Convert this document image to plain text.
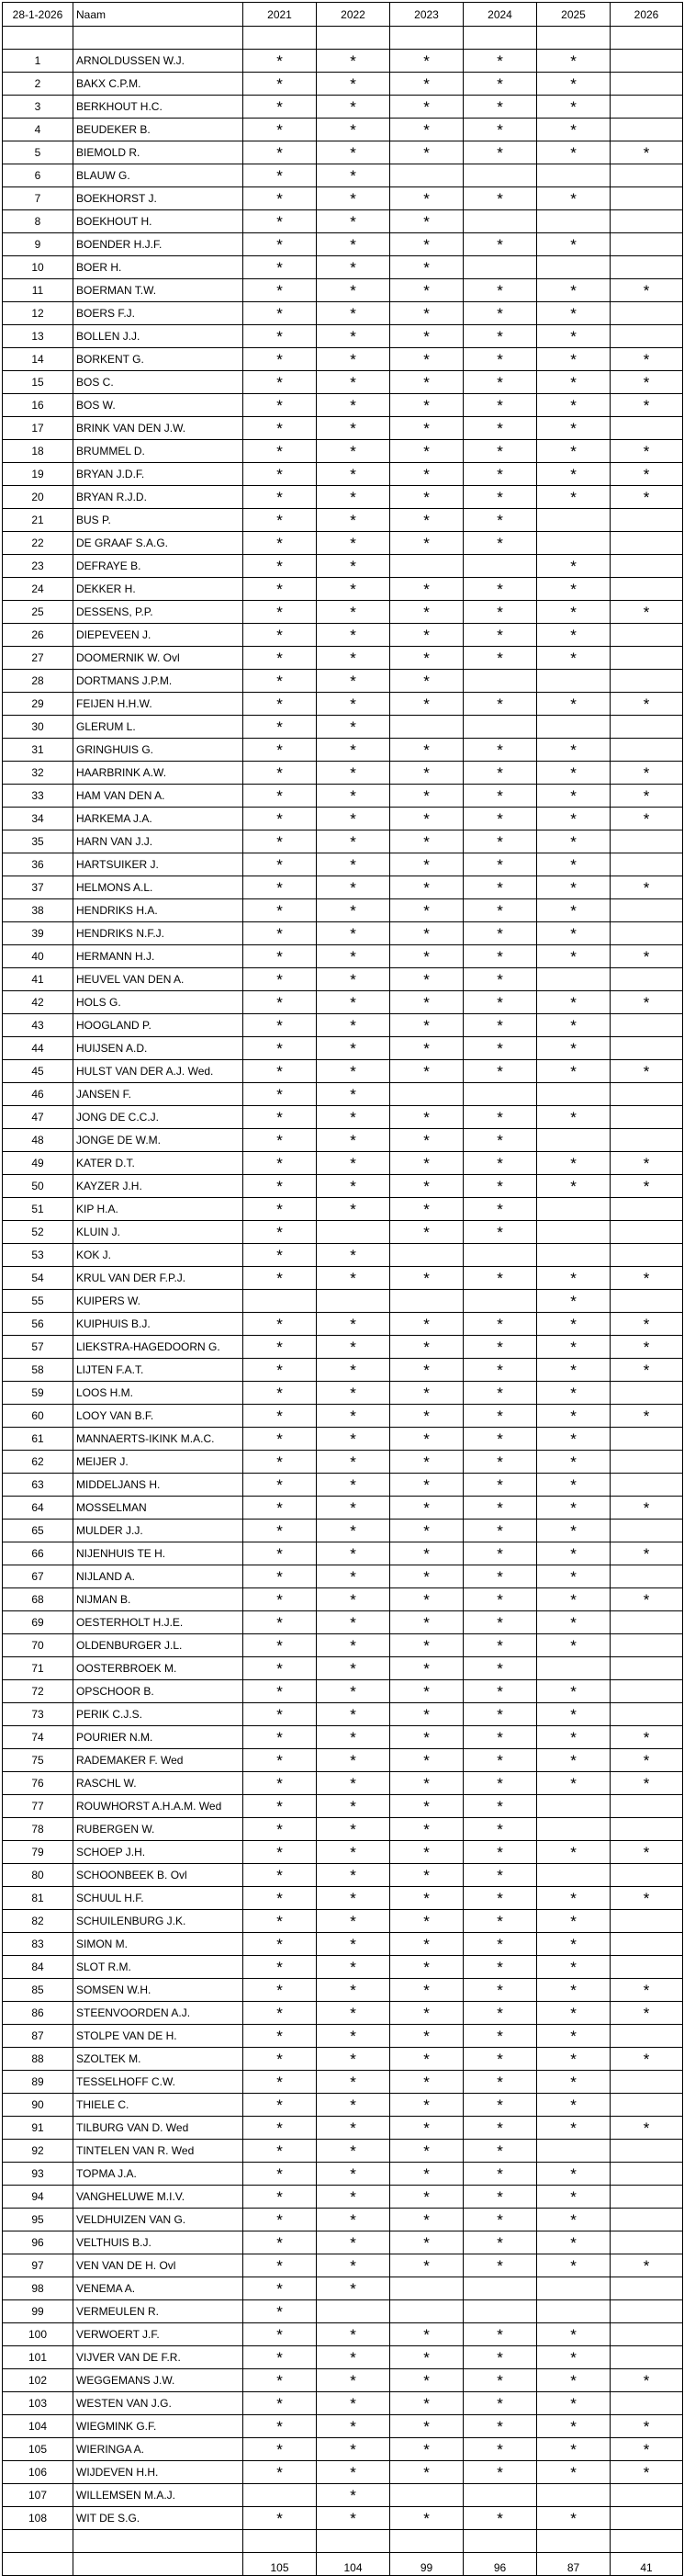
28-1-2026	Naam	2021	2022	2023	2024	2025	2026

1	ARNOLDUSSEN W.J.	*	*	*	*	*	
2	BAKX C.P.M.	*	*	*	*	*	
3	BERKHOUT H.C.	*	*	*	*	*	
4	BEUDEKER B.	*	*	*	*	*	
5	BIEMOLD R.	*	*	*	*	*	*
6	BLAUW G.	*	*				
7	BOEKHORST J.	*	*	*	*	*	
8	BOEKHOUT H.	*	*	*			
9	BOENDER H.J.F.	*	*	*	*	*	
10	BOER H.	*	*	*			
11	BOERMAN T.W.	*	*	*	*	*	*
12	BOERS F.J.	*	*	*	*	*	
13	BOLLEN J.J.	*	*	*	*	*	
14	BORKENT G.	*	*	*	*	*	*
15	BOS C.	*	*	*	*	*	*
16	BOS W.	*	*	*	*	*	*
17	BRINK VAN DEN J.W.	*	*	*	*	*	
18	BRUMMEL D.	*	*	*	*	*	*
19	BRYAN J.D.F.	*	*	*	*	*	*
20	BRYAN R.J.D.	*	*	*	*	*	*
21	BUS P.	*	*	*	*		
22	DE GRAAF S.A.G.	*	*	*	*		
23	DEFRAYE B.	*	*			*	
24	DEKKER H.	*	*	*	*	*	
25	DESSENS, P.P.	*	*	*	*	*	*
26	DIEPEVEEN J.	*	*	*	*	*	
27	DOOMERNIK W. Ovl	*	*	*	*	*	
28	DORTMANS J.P.M.	*	*	*			
29	FEIJEN H.H.W.	*	*	*	*	*	*
30	GLERUM L.	*	*				
31	GRINGHUIS G.	*	*	*	*	*	
32	HAARBRINK A.W.	*	*	*	*	*	*
33	HAM VAN DEN A.	*	*	*	*	*	*
34	HARKEMA J.A.	*	*	*	*	*	*
35	HARN VAN J.J.	*	*	*	*	*	
36	HARTSUIKER J.	*	*	*	*	*	
37	HELMONS A.L.	*	*	*	*	*	*
38	HENDRIKS H.A.	*	*	*	*	*	
39	HENDRIKS N.F.J.	*	*	*	*	*	
40	HERMANN H.J.	*	*	*	*	*	*
41	HEUVEL VAN DEN A.	*	*	*	*		
42	HOLS G.	*	*	*	*	*	*
43	HOOGLAND P.	*	*	*	*	*	
44	HUIJSEN A.D.	*	*	*	*	*	
45	HULST VAN DER A.J. Wed.	*	*	*	*	*	*
46	JANSEN F.	*	*				
47	JONG DE C.C.J.	*	*	*	*	*	
48	JONGE DE W.M.	*	*	*	*		
49	KATER D.T.	*	*	*	*	*	*
50	KAYZER J.H.	*	*	*	*	*	*
51	KIP H.A.	*	*	*	*		
52	KLUIN J.	*		*	*		
53	KOK J.	*	*				
54	KRUL VAN DER F.P.J.	*	*	*	*	*	*
55	KUIPERS W.					*	
56	KUIPHUIS B.J.	*	*	*	*	*	*
57	LIEKSTRA-HAGEDOORN G.	*	*	*	*	*	*
58	LIJTEN F.A.T.	*	*	*	*	*	*
59	LOOS H.M.	*	*	*	*	*	
60	LOOY VAN B.F.	*	*	*	*	*	*
61	MANNAERTS-IKINK M.A.C.	*	*	*	*	*	
62	MEIJER J.	*	*	*	*	*	
63	MIDDELJANS H.	*	*	*	*	*	
64	MOSSELMAN	*	*	*	*	*	*
65	MULDER J.J.	*	*	*	*	*	
66	NIJENHUIS TE H.	*	*	*	*	*	*
67	NIJLAND A.	*	*	*	*	*	
68	NIJMAN B.	*	*	*	*	*	*
69	OESTERHOLT H.J.E.	*	*	*	*	*	
70	OLDENBURGER J.L.	*	*	*	*	*	
71	OOSTERBROEK M.	*	*	*	*		
72	OPSCHOOR B.	*	*	*	*	*	
73	PERIK C.J.S.	*	*	*	*	*	
74	POURIER N.M.	*	*	*	*	*	*
75	RADEMAKER F. Wed	*	*	*	*	*	*
76	RASCHL W.	*	*	*	*	*	*
77	ROUWHORST A.H.A.M. Wed	*	*	*	*		
78	RUBERGEN W.	*	*	*	*		
79	SCHOEP J.H.	*	*	*	*	*	*
80	SCHOONBEEK B. Ovl	*	*	*	*		
81	SCHUUL H.F.	*	*	*	*	*	*
82	SCHUILENBURG J.K.	*	*	*	*	*	
83	SIMON M.	*	*	*	*	*	
84	SLOT R.M.	*	*	*	*	*	
85	SOMSEN W.H.	*	*	*	*	*	*
86	STEENVOORDEN A.J.	*	*	*	*	*	*
87	STOLPE VAN DE H.	*	*	*	*	*	
88	SZOLTEK M.	*	*	*	*	*	*
89	TESSELHOFF C.W.	*	*	*	*	*	
90	THIELE C.	*	*	*	*	*	
91	TILBURG VAN D. Wed	*	*	*	*	*	*
92	TINTELEN VAN R. Wed	*	*	*	*		
93	TOPMA J.A.	*	*	*	*	*	
94	VANGHELUWE M.I.V.	*	*	*	*	*	
95	VELDHUIZEN VAN G.	*	*	*	*	*	
96	VELTHUIS B.J.	*	*	*	*	*	
97	VEN VAN DE H. Ovl	*	*	*	*	*	*
98	VENEMA A.	*	*				
99	VERMEULEN R.	*					
100	VERWOERT J.F.	*	*	*	*	*	
101	VIJVER VAN DE F.R.	*	*	*	*	*	
102	WEGGEMANS J.W.	*	*	*	*	*	*
103	WESTEN VAN J.G.	*	*	*	*	*	
104	WIEGMINK G.F.	*	*	*	*	*	*
105	WIERINGA A.	*	*	*	*	*	*
106	WIJDEVEN H.H.	*	*	*	*	*	*
107	WILLEMSEN M.A.J.		*				
108	WIT DE S.G.	*	*	*	*	*	

		105	104	99	96	87	41
